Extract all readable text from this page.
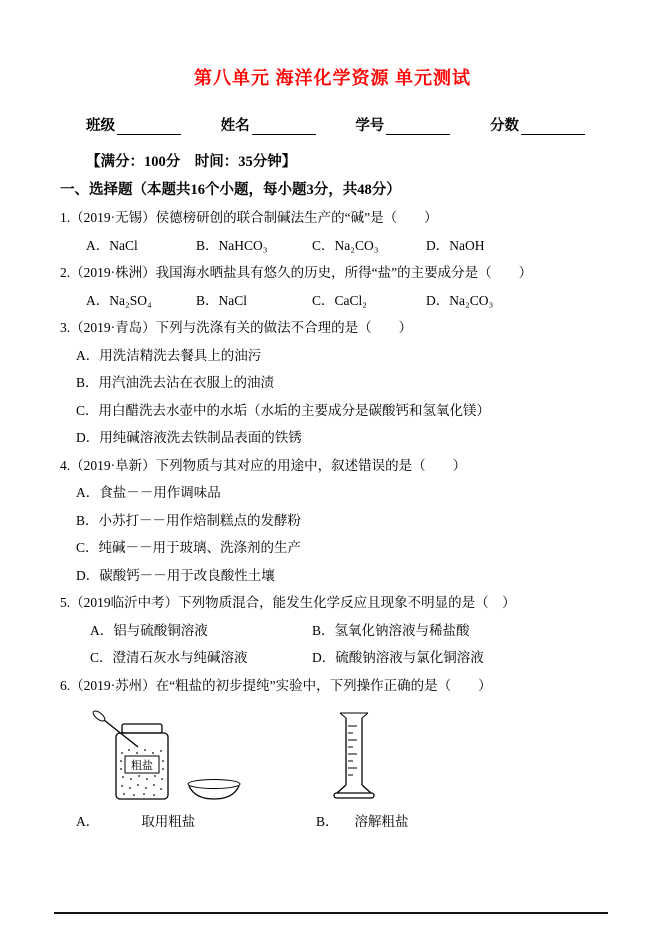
第八单元 海洋化学资源 单元测试
班级	姓名	学号	分数
【满分：100分　时间：35分钟】
一、选择题（本题共16个小题，每小题3分，共48分）
1.（2019·无锡）侯德榜研创的联合制碱法生产的“碱”是（　　）
A．NaCl	B．NaHCO₃	C．Na₂CO₃	D．NaOH
2.（2019·株洲）我国海水晒盐具有悠久的历史，所得“盐”的主要成分是（　　）
A．Na₂SO₄	B．NaCl	C．CaCl₂	D．Na₂CO₃
3.（2019·青岛）下列与洗涤有关的做法不合理的是（　　）
A．用洗洁精洗去餐具上的油污
B．用汽油洗去沾在衣服上的油渍
C．用白醋洗去水壶中的水垢（水垢的主要成分是碳酸钙和氢氧化镁）
D．用纯碱溶液洗去铁制品表面的铁锈
4.（2019·阜新）下列物质与其对应的用途中，叙述错误的是（　　）
A．食盐－－用作调味品
B．小苏打－－用作焙制糕点的发酵粉
C．纯碱－－用于玻璃、洗涤剂的生产
D．碳酸钙－－用于改良酸性土壤
5.（2019临沂中考）下列物质混合，能发生化学反应且现象不明显的是（　）
A．铝与硫酸铜溶液	B．氢氧化钠溶液与稀盐酸
C．澄清石灰水与纯碱溶液	D．硫酸钠溶液与氯化铜溶液
6.（2019·苏州）在“粗盐的初步提纯”实验中，下列操作正确的是（　　）
粗盐
A．	取用粗盐	B． 溶解粗盐
